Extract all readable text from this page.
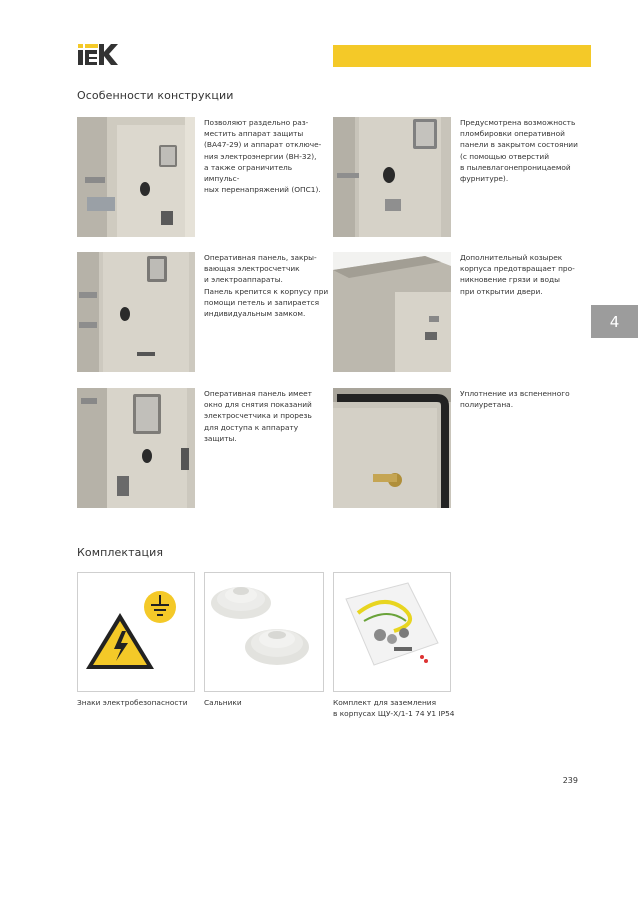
Особенности конструкции
Позволяют раздельно раз-
местить аппарат защиты
(ВА47-29) и аппарат отключе-
ния электроэнергии (ВН-32),
а также ограничитель импульс-
ных перенапряжений (ОПС1).
Предусмотрена возможность
пломбировки оперативной
панели в закрытом состоянии
(с помощью отверстий
в пылевлагонепроницаемой
фурнитуре).
Оперативная панель, закры-
вающая электросчетчик
и электроаппараты.
Панель крепится к корпусу при
помощи петель и запирается
индивидуальным замком.
Дополнительный козырек
корпуса предотвращает про-
никновение грязи и воды
при открытии двери.
4
Оперативная панель имеет
окно для снятия показаний
электросчетчика и прорезь
для доступа к аппарату
защиты.
Уплотнение из вспененного
полиуретана.
Комплектация
Знаки электробезопасности Сальники	Комплект для заземления
в корпусах ЩУ-Х/1-1 74 У1 IP54
239
